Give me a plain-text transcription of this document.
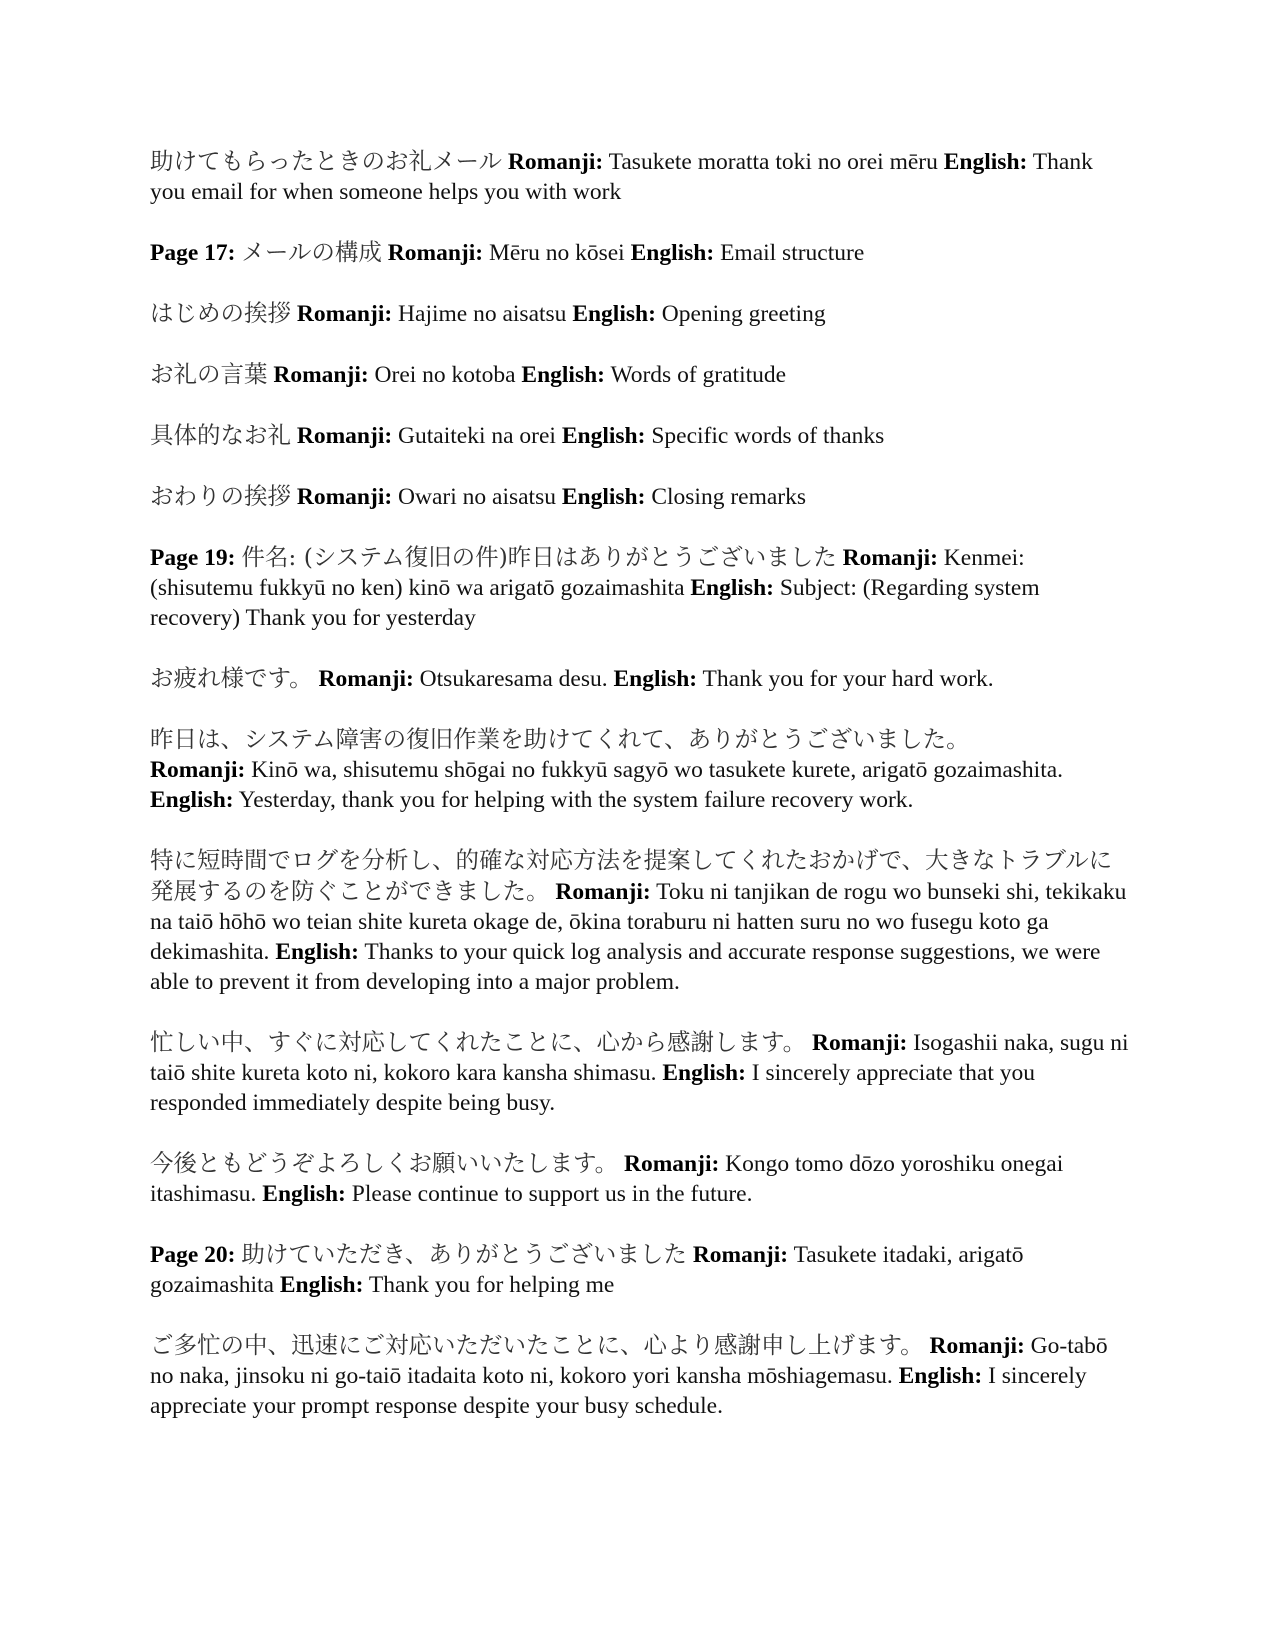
助けてもらったときのお礼メール Romanji: Tasukete moratta toki no orei mēru English: Thank you email for when someone helps you with work

Page 17: メールの構成 Romanji: Mēru no kōsei English: Email structure

はじめの挨拶 Romanji: Hajime no aisatsu English: Opening greeting

お礼の言葉 Romanji: Orei no kotoba English: Words of gratitude

具体的なお礼 Romanji: Gutaiteki na orei English: Specific words of thanks

おわりの挨拶 Romanji: Owari no aisatsu English: Closing remarks

Page 19: 件名: (システム復旧の件)昨日はありがとうございました Romanji: Kenmei: (shisutemu fukkyū no ken) kinō wa arigatō gozaimashita English: Subject: (Regarding system recovery) Thank you for yesterday

お疲れ様です。 Romanji: Otsukaresama desu. English: Thank you for your hard work.

昨日は、システム障害の復旧作業を助けてくれて、ありがとうございました。
Romanji: Kinō wa, shisutemu shōgai no fukkyū sagyō wo tasukete kurete, arigatō gozaimashita.
English: Yesterday, thank you for helping with the system failure recovery work.

特に短時間でログを分析し、的確な対応方法を提案してくれたおかげで、大きなトラブルに発展するのを防ぐことができました。 Romanji: Toku ni tanjikan de rogu wo bunseki shi, tekikaku na taiō hōhō wo teian shite kureta okage de, ōkina toraburu ni hatten suru no wo fusegu koto ga dekimashita. English: Thanks to your quick log analysis and accurate response suggestions, we were able to prevent it from developing into a major problem.

忙しい中、すぐに対応してくれたことに、心から感謝します。 Romanji: Isogashii naka, sugu ni taiō shite kureta koto ni, kokoro kara kansha shimasu. English: I sincerely appreciate that you responded immediately despite being busy.

今後ともどうぞよろしくお願いいたします。 Romanji: Kongo tomo dōzo yoroshiku onegai itashimasu. English: Please continue to support us in the future.

Page 20: 助けていただき、ありがとうございました Romanji: Tasukete itadaki, arigatō gozaimashita English: Thank you for helping me

ご多忙の中、迅速にご対応いただいたことに、心より感謝申し上げます。 Romanji: Go-tabō no naka, jinsoku ni go-taiō itadaita koto ni, kokoro yori kansha mōshiagemasu. English: I sincerely appreciate your prompt response despite your busy schedule.
